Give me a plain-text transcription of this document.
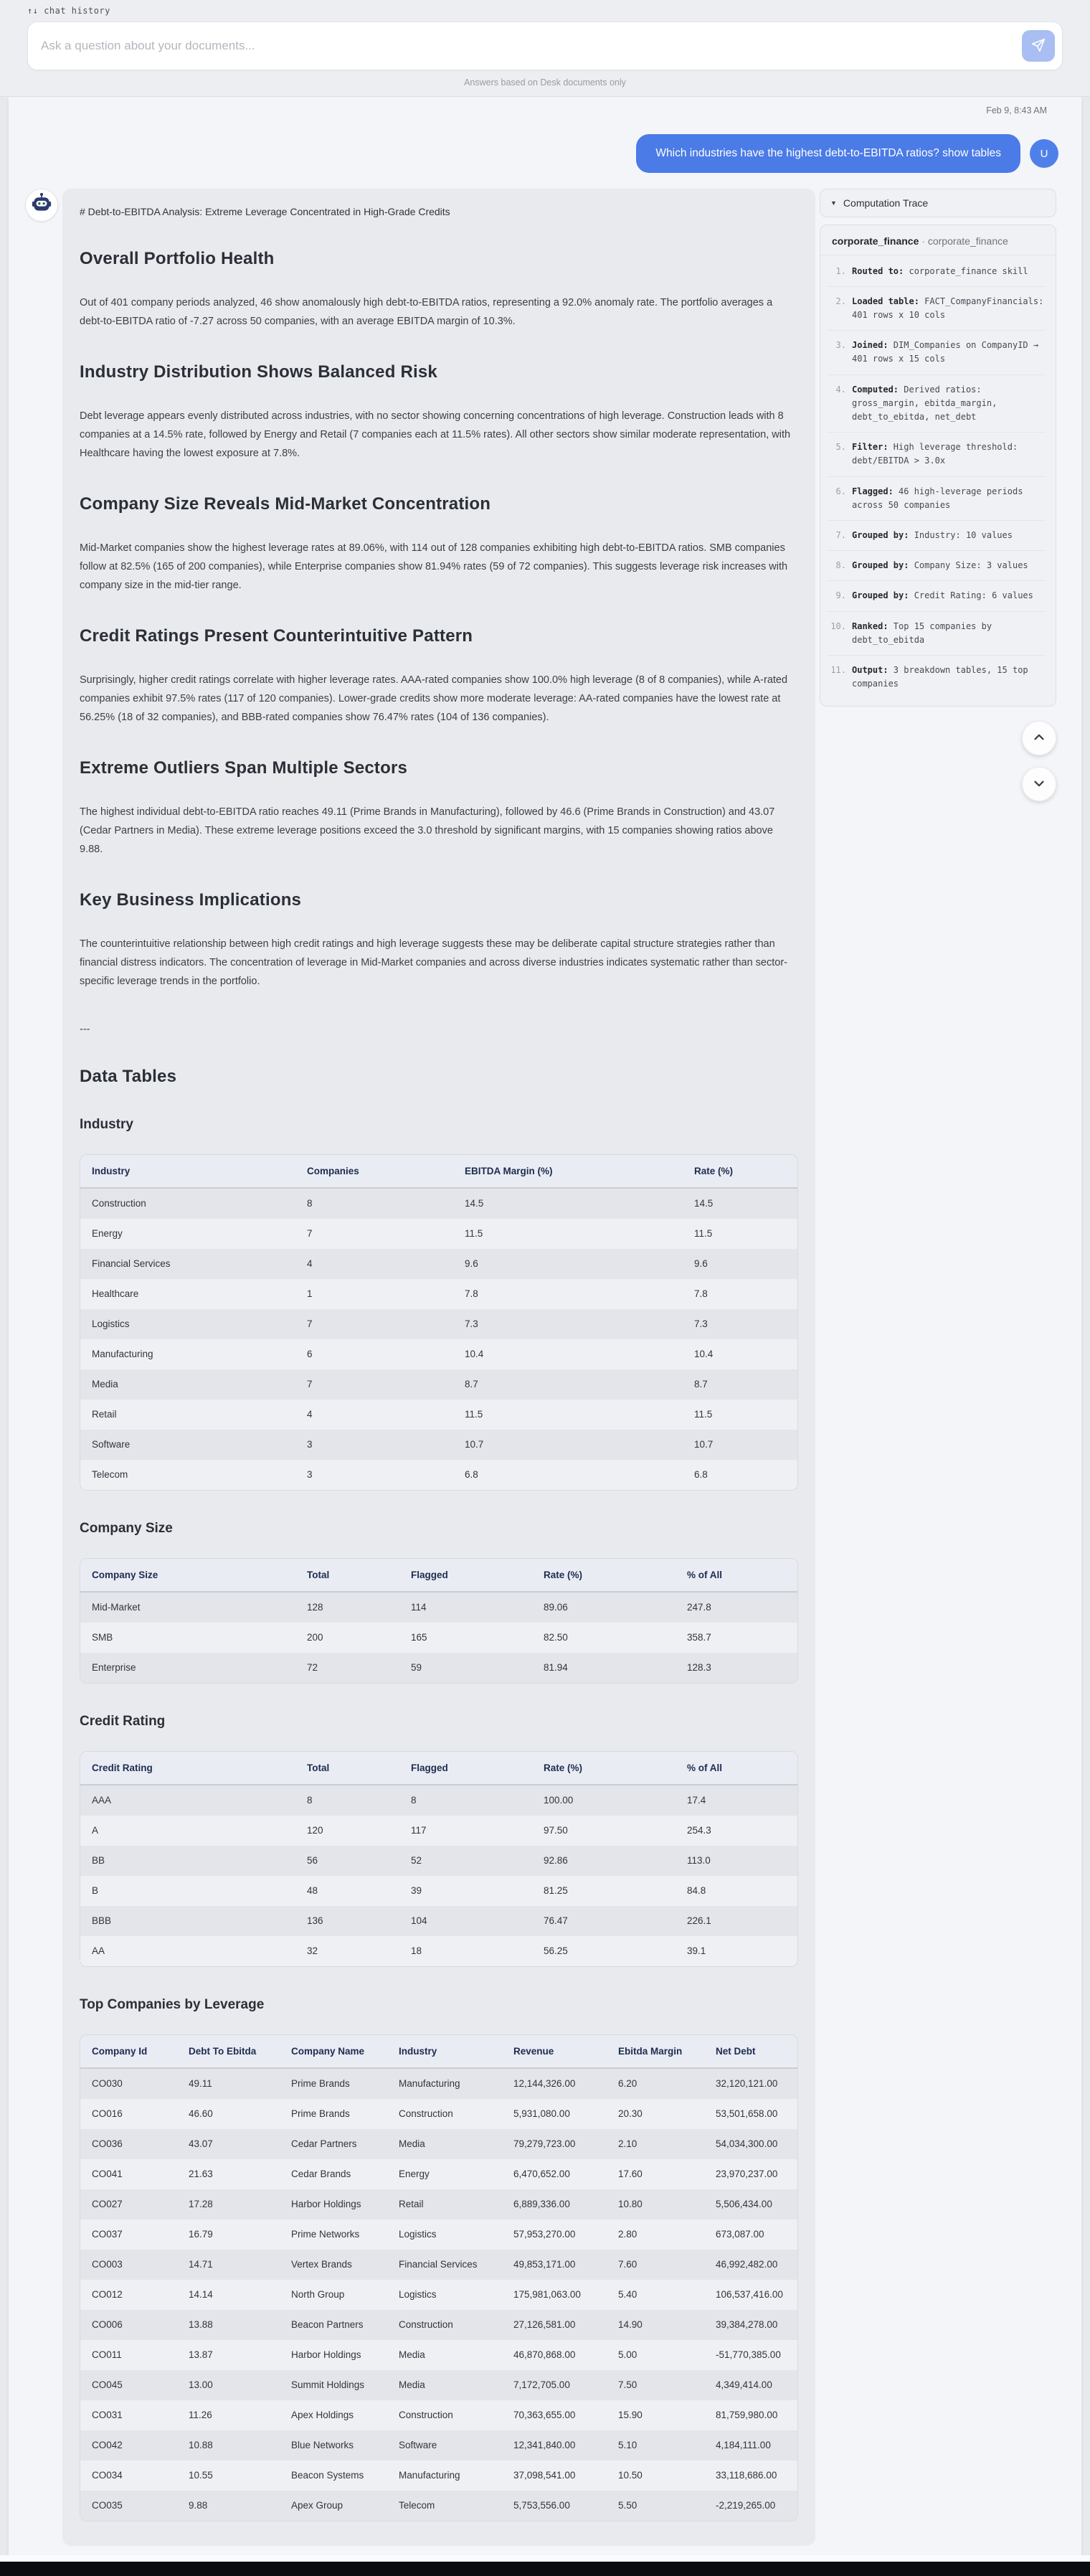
↑↓ chat history
Ask a question about your documents...
Answers based on Desk documents only
Feb 9, 8:43 AM
Which industries have the highest debt-to-EBITDA ratios? show tables	U
# Debt-to-EBITDA Analysis: Extreme Leverage Concentrated in High-Grade Credits
Overall Portfolio Health

Out of 401 company periods analyzed, 46 show anomalously high debt-to-EBITDA ratios, representing a 92.0% anomaly rate. The portfolio averages a debt-to-EBITDA ratio of -7.27 across 50 companies, with an average EBITDA margin of 10.3%.

Industry Distribution Shows Balanced Risk

Debt leverage appears evenly distributed across industries, with no sector showing concerning concentrations of high leverage. Construction leads with 8 companies at a 14.5% rate, followed by Energy and Retail (7 companies each at 11.5% rates). All other sectors show similar moderate representation, with Healthcare having the lowest exposure at 7.8%.

Company Size Reveals Mid-Market Concentration

Mid-Market companies show the highest leverage rates at 89.06%, with 114 out of 128 companies exhibiting high debt-to-EBITDA ratios. SMB companies follow at 82.5% (165 of 200 companies), while Enterprise companies show 81.94% rates (59 of 72 companies). This suggests leverage risk increases with company size in the mid-tier range.

Credit Ratings Present Counterintuitive Pattern

Surprisingly, higher credit ratings correlate with higher leverage rates. AAA-rated companies show 100.0% high leverage (8 of 8 companies), while A-rated companies exhibit 97.5% rates (117 of 120 companies). Lower-grade credits show more moderate leverage: AA-rated companies have the lowest rate at 56.25% (18 of 32 companies), and BBB-rated companies show 76.47% rates (104 of 136 companies).

Extreme Outliers Span Multiple Sectors

The highest individual debt-to-EBITDA ratio reaches 49.11 (Prime Brands in Manufacturing), followed by 46.6 (Prime Brands in Construction) and 43.07 (Cedar Partners in Media). These extreme leverage positions exceed the 3.0 threshold by significant margins, with 15 companies showing ratios above 9.88.

Key Business Implications

The counterintuitive relationship between high credit ratings and high leverage suggests these may be deliberate capital structure strategies rather than financial distress indicators. The concentration of leverage in Mid-Market companies and across diverse industries indicates systematic rather than sector-specific leverage trends in the portfolio.

---
Data Tables
Industry
Industry	Companies	EBITDA Margin (%)	Rate (%)
Construction	8	14.5	14.5
Energy	7	11.5	11.5
Financial Services	4	9.6	9.6
Healthcare	1	7.8	7.8
Logistics	7	7.3	7.3
Manufacturing	6	10.4	10.4
Media	7	8.7	8.7
Retail	4	11.5	11.5
Software	3	10.7	10.7
Telecom	3	6.8	6.8
Company Size
Company Size	Total	Flagged	Rate (%)	% of All
Mid-Market	128	114	89.06	247.8
SMB	200	165	82.50	358.7
Enterprise	72	59	81.94	128.3
Credit Rating
Credit Rating	Total	Flagged	Rate (%)	% of All
AAA	8	8	100.00	17.4
A	120	117	97.50	254.3
BB	56	52	92.86	113.0
B	48	39	81.25	84.8
BBB	136	104	76.47	226.1
AA	32	18	56.25	39.1
Top Companies by Leverage
Company Id	Debt To Ebitda	Company Name	Industry	Revenue	Ebitda Margin	Net Debt
CO030	49.11	Prime Brands	Manufacturing	12,144,326.00	6.20	32,120,121.00
CO016	46.60	Prime Brands	Construction	5,931,080.00	20.30	53,501,658.00
CO036	43.07	Cedar Partners	Media	79,279,723.00	2.10	54,034,300.00
CO041	21.63	Cedar Brands	Energy	6,470,652.00	17.60	23,970,237.00
CO027	17.28	Harbor Holdings	Retail	6,889,336.00	10.80	5,506,434.00
CO037	16.79	Prime Networks	Logistics	57,953,270.00	2.80	673,087.00
CO003	14.71	Vertex Brands	Financial Services	49,853,171.00	7.60	46,992,482.00
CO012	14.14	North Group	Logistics	175,981,063.00	5.40	106,537,416.00
CO006	13.88	Beacon Partners	Construction	27,126,581.00	14.90	39,384,278.00
CO011	13.87	Harbor Holdings	Media	46,870,868.00	5.00	-51,770,385.00
CO045	13.00	Summit Holdings	Media	7,172,705.00	7.50	4,349,414.00
CO031	11.26	Apex Holdings	Construction	70,363,655.00	15.90	81,759,980.00
CO042	10.88	Blue Networks	Software	12,341,840.00	5.10	4,184,111.00
CO034	10.55	Beacon Systems	Manufacturing	37,098,541.00	10.50	33,118,686.00
CO035	9.88	Apex Group	Telecom	5,753,556.00	5.50	-2,219,265.00
▼ Computation Trace
corporate_finance · corporate_finance
1. Routed to: corporate_finance skill
2. Loaded table: FACT_CompanyFinancials: 401 rows x 10 cols
3. Joined: DIM_Companies on CompanyID → 401 rows x 15 cols
4. Computed: Derived ratios: gross_margin, ebitda_margin, debt_to_ebitda, net_debt
5. Filter: High leverage threshold: debt/EBITDA > 3.0x
6. Flagged: 46 high-leverage periods across 50 companies
7. Grouped by: Industry: 10 values
8. Grouped by: Company Size: 3 values
9. Grouped by: Credit Rating: 6 values
10. Ranked: Top 15 companies by debt_to_ebitda
11. Output: 3 breakdown tables, 15 top companies
